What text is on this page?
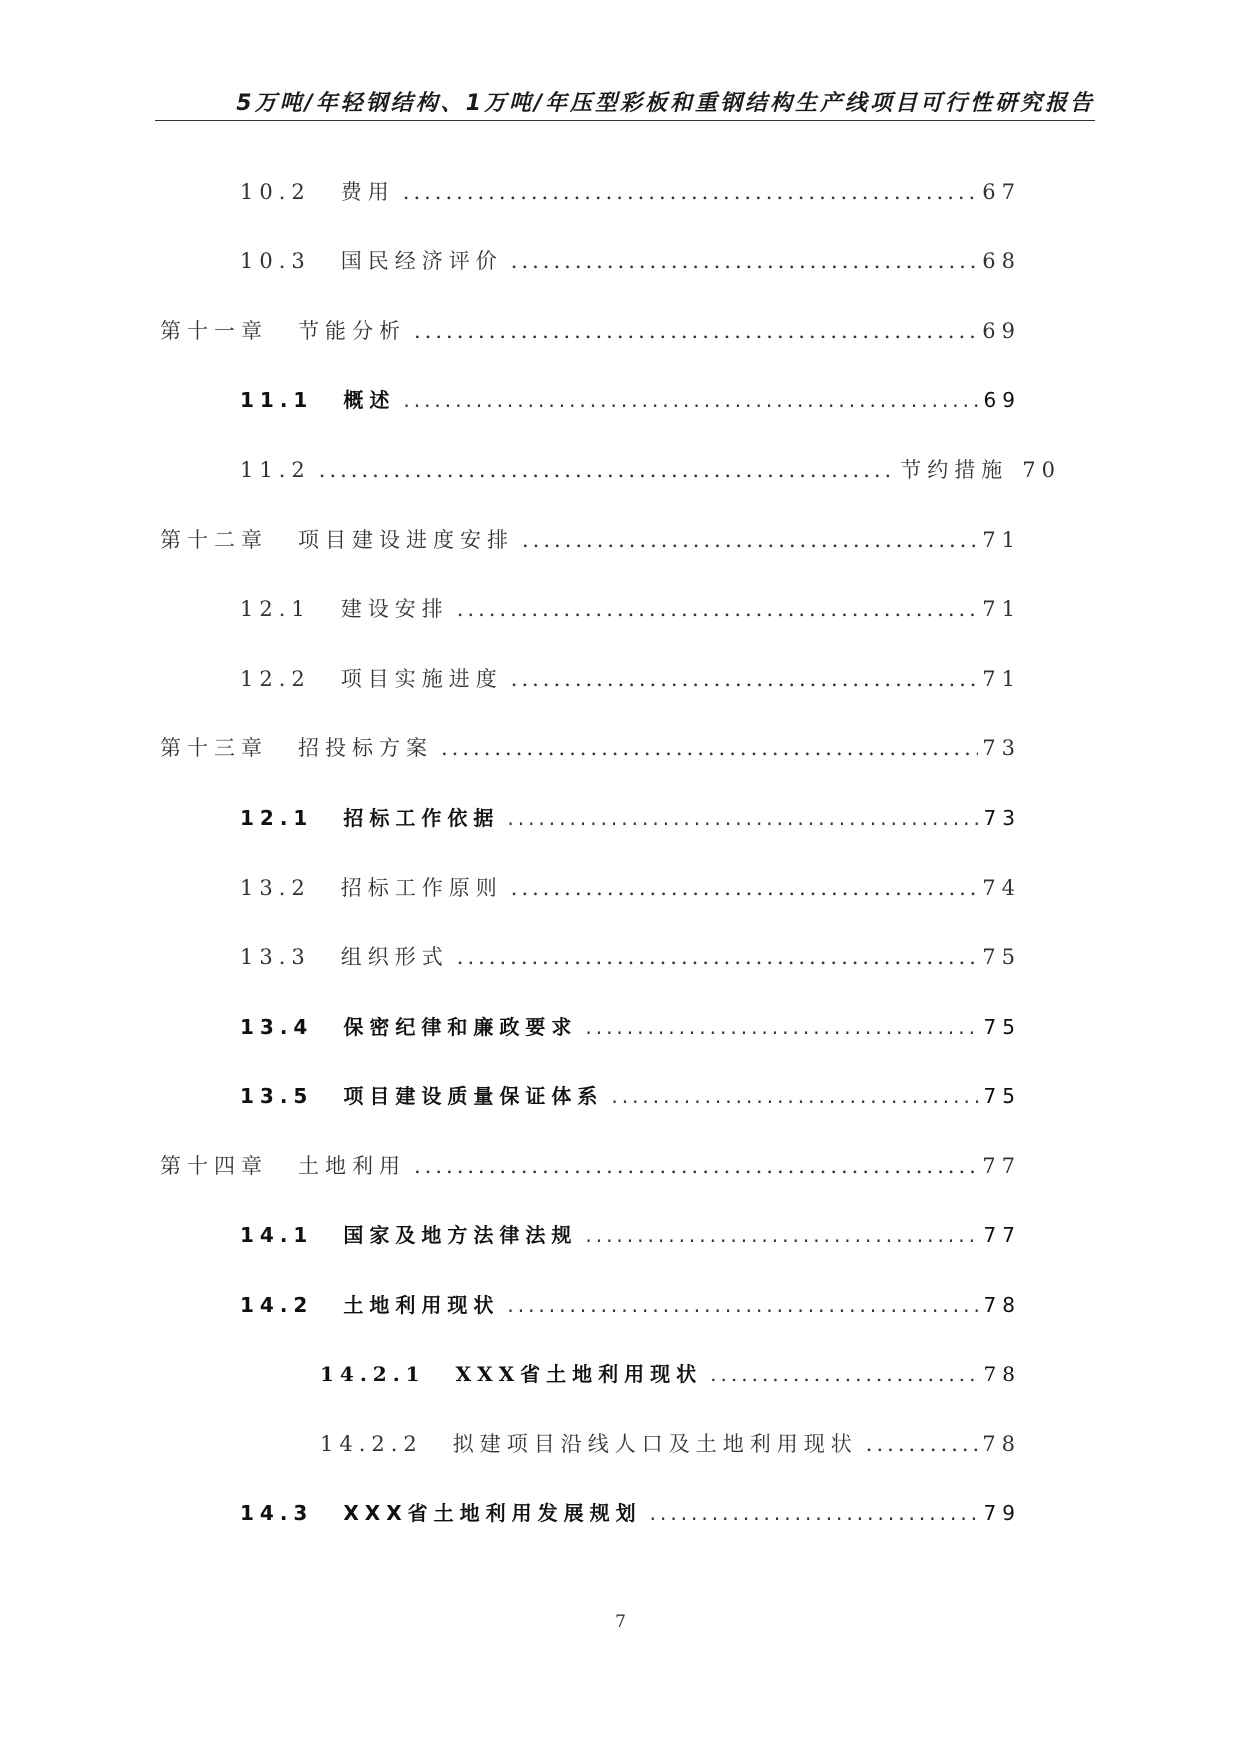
5万吨/年轻钢结构、1万吨/年压型彩板和重钢结构生产线项目可行性研究报告
10.2 费用 .....	67
10.3 国民经济评价 .....	68
第十一章 节能分析 .....	69
11.1 概述 .....	69
11.2 .....	节约措施 70
第十二章 项目建设进度安排 .....	71
12.1 建设安排 .....	71
12.2 项目实施进度 .....	71
第十三章 招投标方案 .....	73
12.1 招标工作依据 .....	73
13.2 招标工作原则 .....	74
13.3 组织形式 .....	75
13.4 保密纪律和廉政要求 .....	75
13.5 项目建设质量保证体系 .....	75
第十四章 土地利用 .....	77
14.1 国家及地方法律法规 .....	77
14.2 土地利用现状 .....	78
14.2.1 XXX省土地利用现状 .....	78
14.2.2 拟建项目沿线人口及土地利用现状 .....	78
14.3 XXX省土地利用发展规划 .....	79
7
